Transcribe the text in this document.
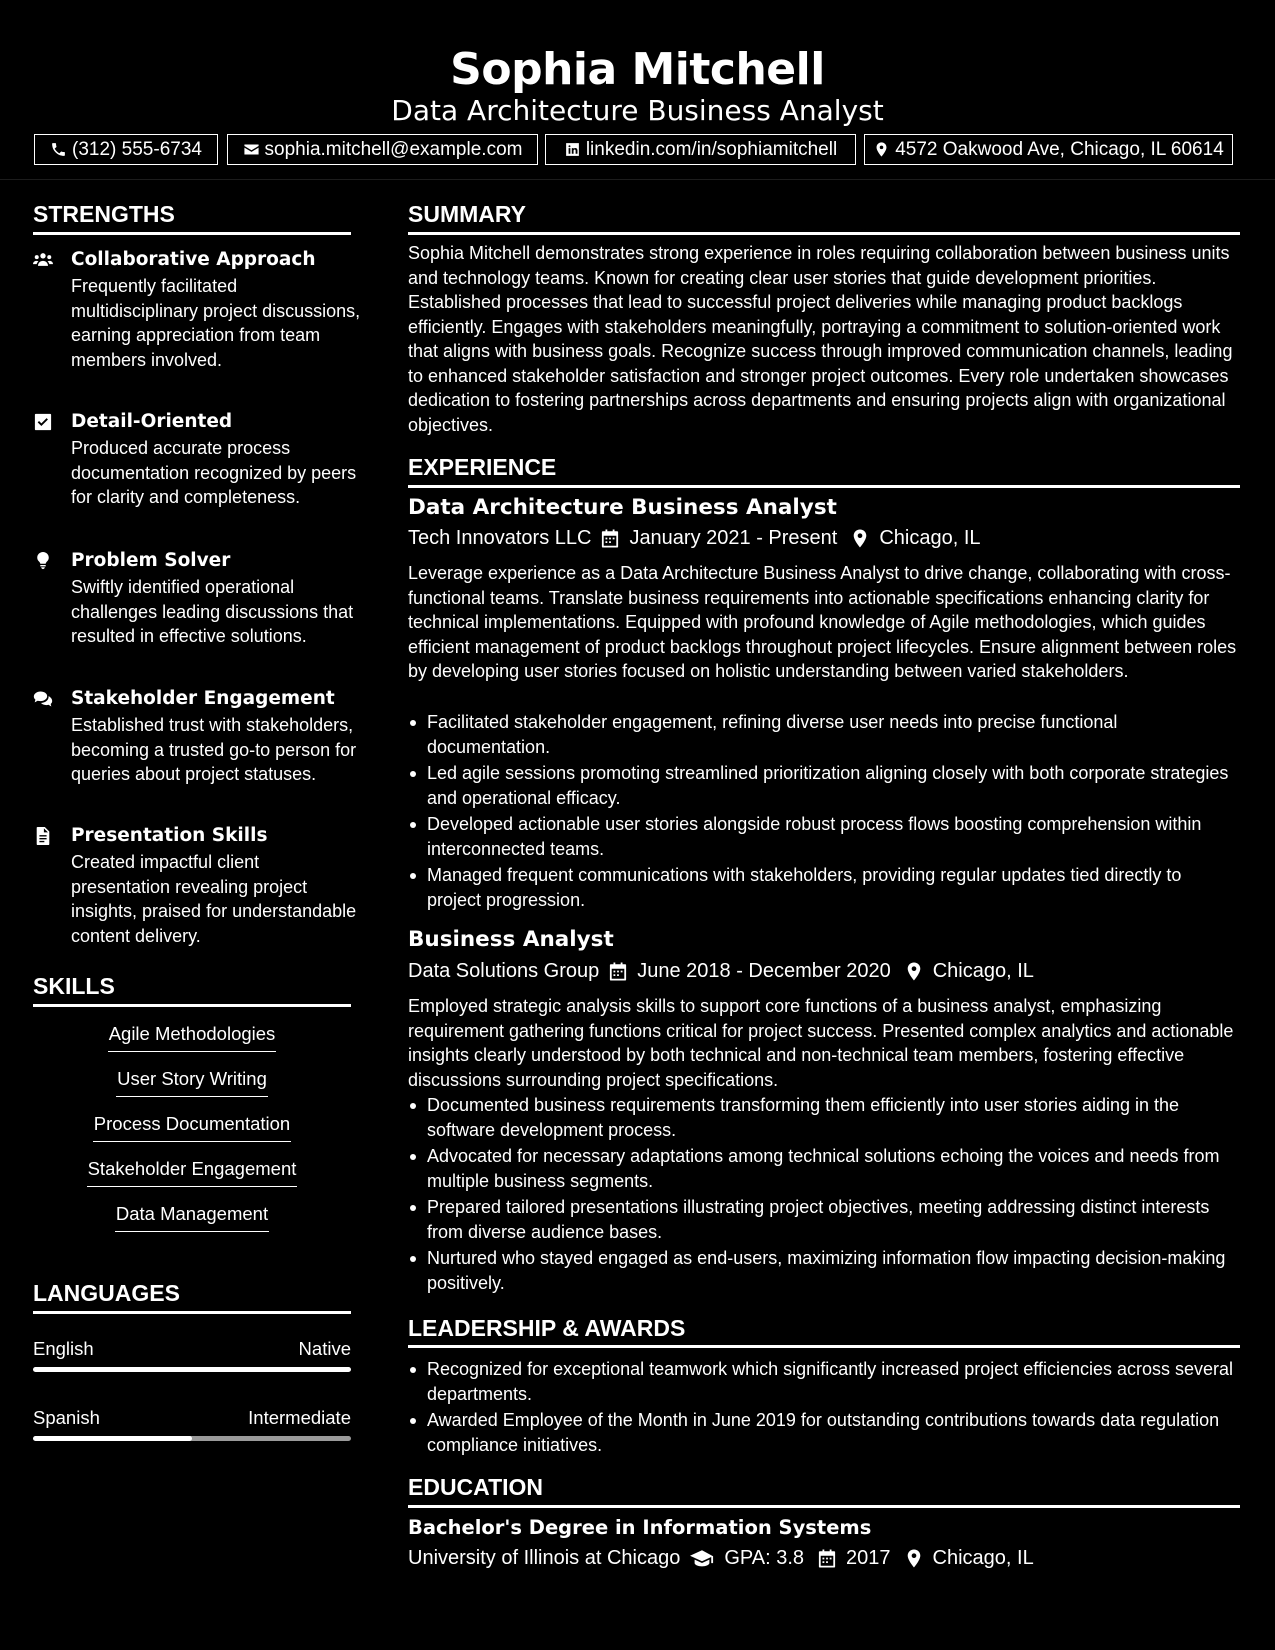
Sophia Mitchell
Data Architecture Business Analyst
(312) 555-6734	sophia.mitchell@example.com	linkedin.com/in/sophiamitchell	4572 Oakwood Ave, Chicago, IL 60614
STRENGTHS
Collaborative Approach
Frequently facilitated multidisciplinary project discussions, earning appreciation from team members involved.
Detail-Oriented
Produced accurate process documentation recognized by peers for clarity and completeness.
Problem Solver
Swiftly identified operational challenges leading discussions that resulted in effective solutions.
Stakeholder Engagement
Established trust with stakeholders, becoming a trusted go-to person for queries about project statuses.
Presentation Skills
Created impactful client presentation revealing project insights, praised for understandable content delivery.
SKILLS
Agile Methodologies
User Story Writing
Process Documentation
Stakeholder Engagement
Data Management
LANGUAGES
English	Native
Spanish	Intermediate
SUMMARY
Sophia Mitchell demonstrates strong experience in roles requiring collaboration between business units and technology teams. Known for creating clear user stories that guide development priorities. Established processes that lead to successful project deliveries while managing product backlogs efficiently. Engages with stakeholders meaningfully, portraying a commitment to solution-oriented work that aligns with business goals. Recognize success through improved communication channels, leading to enhanced stakeholder satisfaction and stronger project outcomes. Every role undertaken showcases dedication to fostering partnerships across departments and ensuring projects align with organizational objectives.
EXPERIENCE
Data Architecture Business Analyst
Tech Innovators LLC January 2021 - Present Chicago, IL
Leverage experience as a Data Architecture Business Analyst to drive change, collaborating with cross-functional teams. Translate business requirements into actionable specifications enhancing clarity for technical implementations. Equipped with profound knowledge of Agile methodologies, which guides efficient management of product backlogs throughout project lifecycles. Ensure alignment between roles by developing user stories focused on holistic understanding between varied stakeholders.
Facilitated stakeholder engagement, refining diverse user needs into precise functional documentation.
Led agile sessions promoting streamlined prioritization aligning closely with both corporate strategies and operational efficacy.
Developed actionable user stories alongside robust process flows boosting comprehension within interconnected teams.
Managed frequent communications with stakeholders, providing regular updates tied directly to project progression.
Business Analyst
Data Solutions Group June 2018 - December 2020 Chicago, IL
Employed strategic analysis skills to support core functions of a business analyst, emphasizing requirement gathering functions critical for project success. Presented complex analytics and actionable insights clearly understood by both technical and non-technical team members, fostering effective discussions surrounding project specifications.
Documented business requirements transforming them efficiently into user stories aiding in the software development process.
Advocated for necessary adaptations among technical solutions echoing the voices and needs from multiple business segments.
Prepared tailored presentations illustrating project objectives, meeting addressing distinct interests from diverse audience bases.
Nurtured who stayed engaged as end-users, maximizing information flow impacting decision-making positively.
LEADERSHIP & AWARDS
Recognized for exceptional teamwork which significantly increased project efficiencies across several departments.
Awarded Employee of the Month in June 2019 for outstanding contributions towards data regulation compliance initiatives.
EDUCATION
Bachelor's Degree in Information Systems
University of Illinois at Chicago GPA: 3.8 2017 Chicago, IL
